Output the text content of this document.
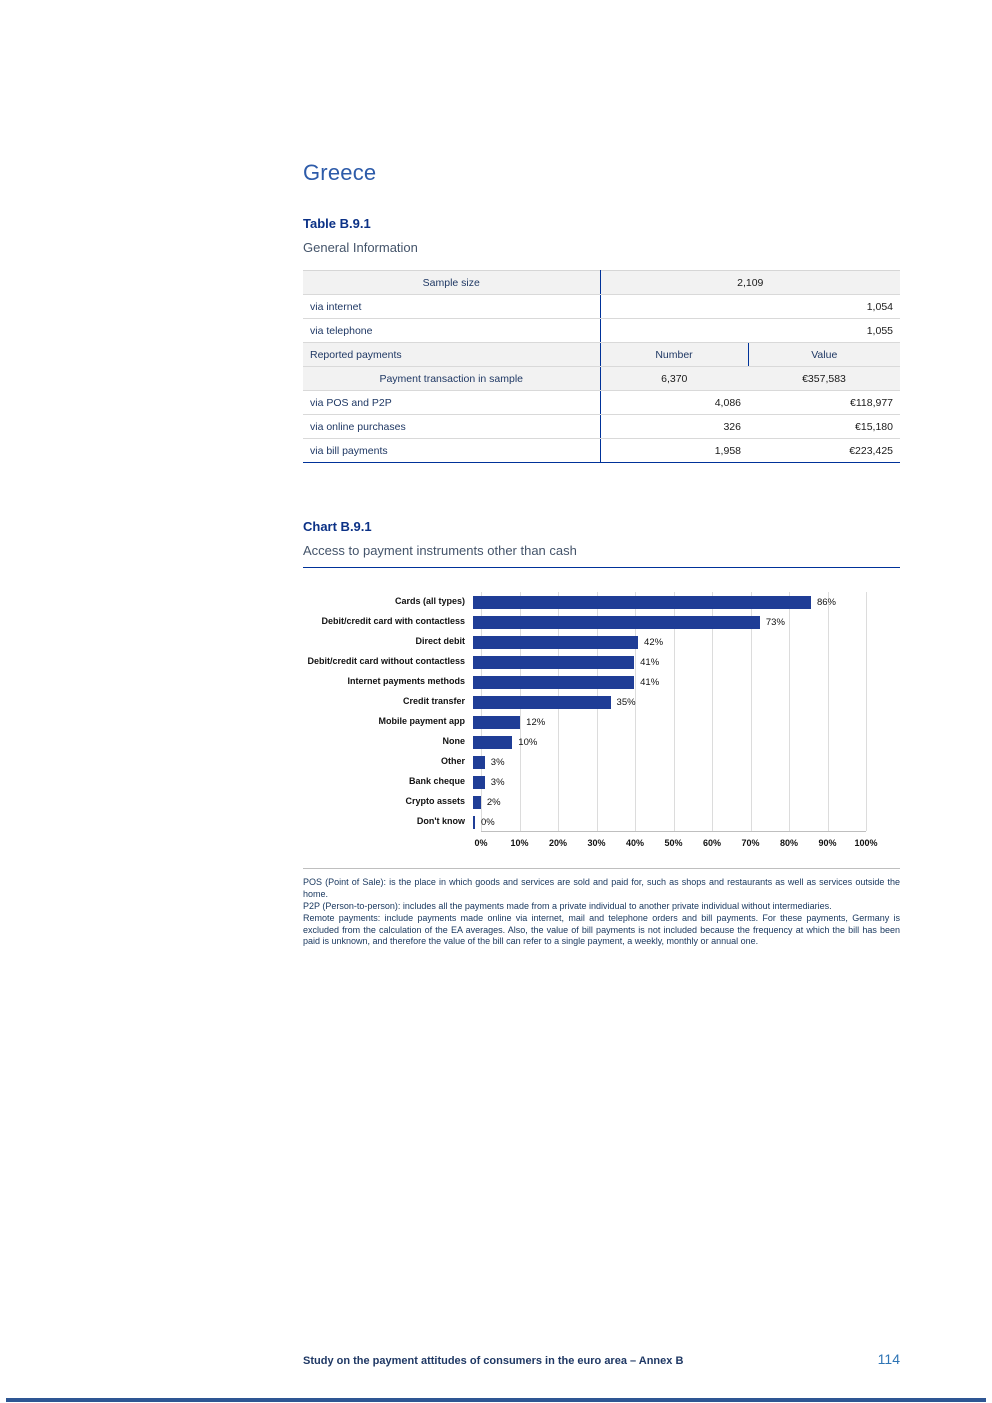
Greece
Table B.9.1
General Information
Sample size	2,109	
via internet	1,054	
via telephone	1,055	
Reported payments	Number	Value
Payment transaction in sample	6,370	€357,583
via POS and P2P	4,086	€118,977
via online purchases	326	€15,180
via bill payments	1,958	€223,425
Chart B.9.1
Access to payment instruments other than cash
Cards (all types)	86%
Debit/credit card with contactless	73%
Direct debit	42%
Debit/credit card without contactless	41%
Internet payments methods	41%
Credit transfer	35%
Mobile payment app	12%
None	10%
Other	3%
Bank cheque	3%
Crypto assets	2%
Don't know	0%
0%	10% 20% 30% 40% 50% 60% 70% 80% 90% 100%

POS (Point of Sale): is the place in which goods and services are sold and paid for, such as shops and restaurants as well as services outside the home.

P2P (Person-to-person): includes all the payments made from a private individual to another private individual without intermediaries.

Remote payments: include payments made online via internet, mail and telephone orders and bill payments. For these payments, Germany is excluded from the calculation of the EA averages. Also, the value of bill payments is not included because the frequency at which the bill has been paid is unknown, and therefore the value of the bill can refer to a single payment, a weekly, monthly or annual one.

Study on the payment attitudes of consumers in the euro area – Annex B	114
